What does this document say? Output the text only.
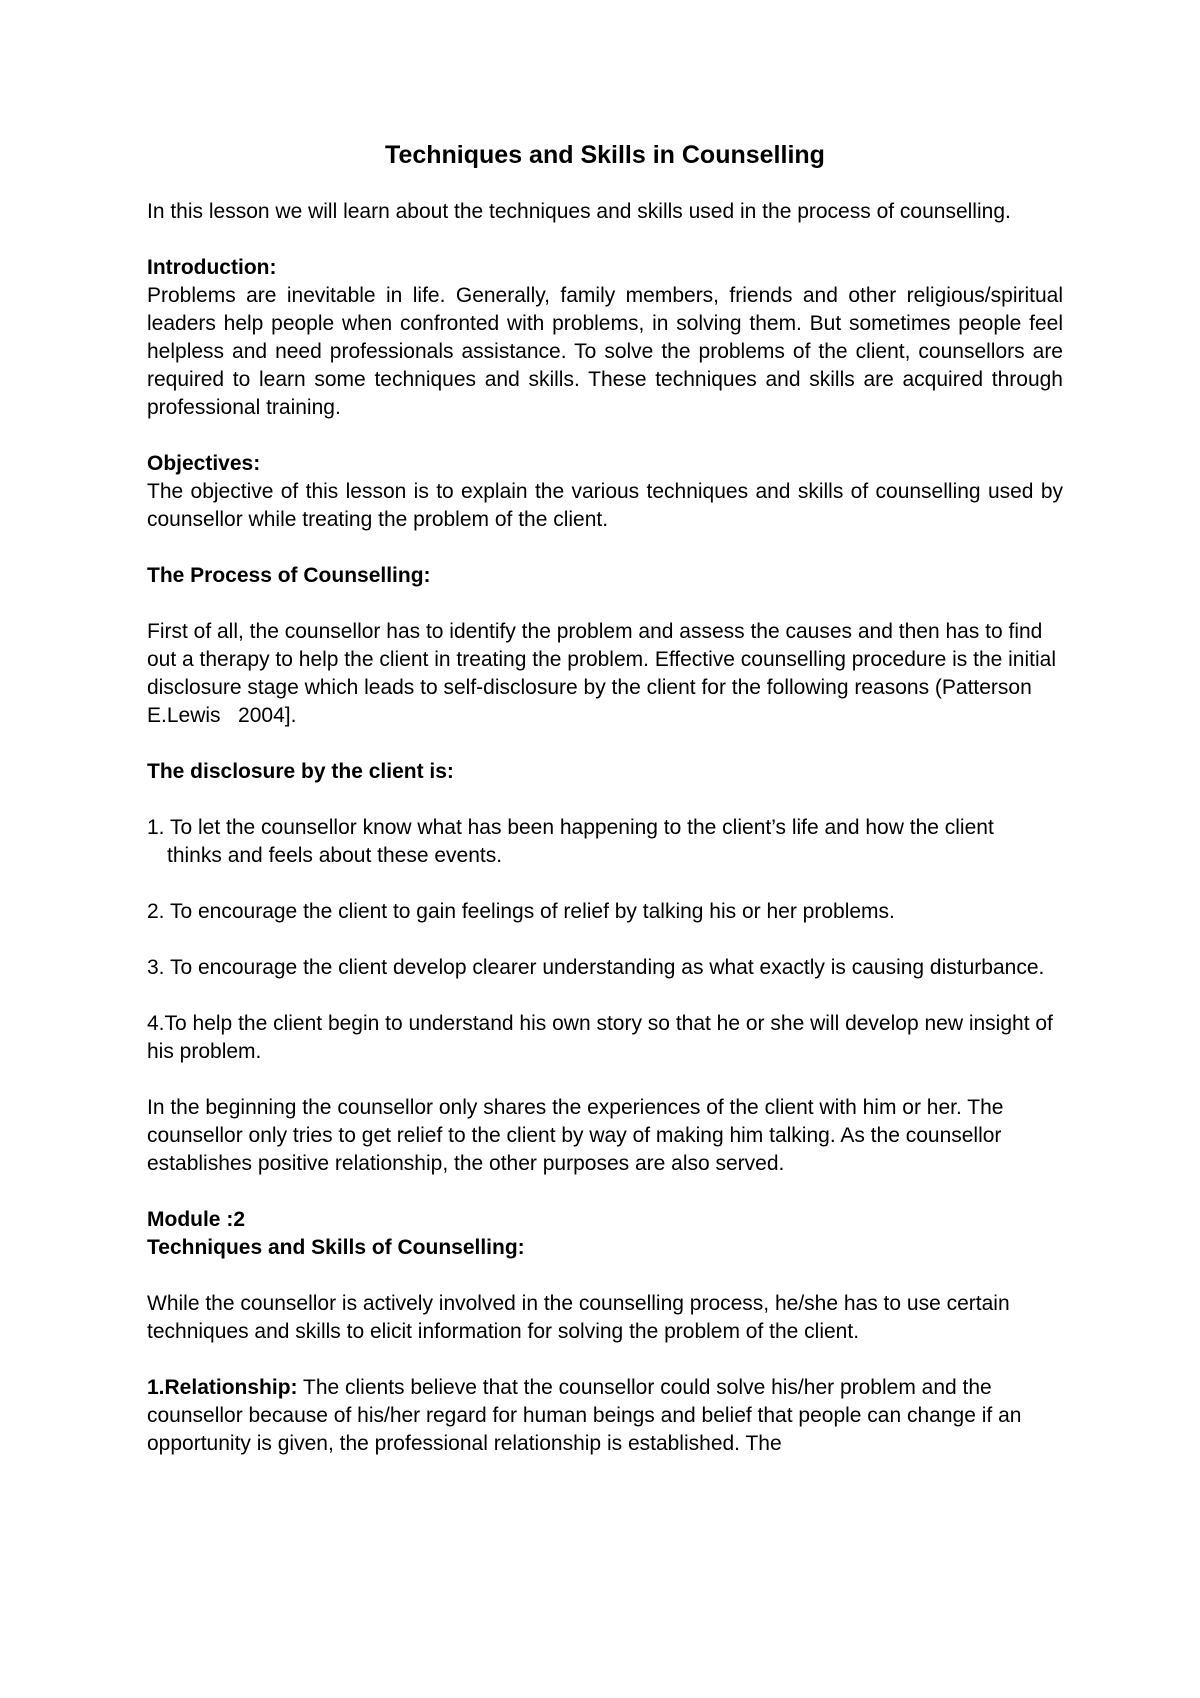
Techniques and Skills in Counselling

In this lesson we will learn about the techniques and skills used in the process of counselling.

Introduction:

Problems are inevitable in life. Generally, family members, friends and other religious/spiritual leaders help people when confronted with problems, in solving them. But sometimes people feel helpless and need professionals assistance. To solve the problems of the client, counsellors are required to learn some techniques and skills. These techniques and skills are acquired through professional training.

Objectives:

The objective of this lesson is to explain the various techniques and skills of counselling used by counsellor while treating the problem of the client.

The Process of Counselling:

First of all, the counsellor has to identify the problem and assess the causes and then has to find out a therapy to help the client in treating the problem. Effective counselling procedure is the initial disclosure stage which leads to self-disclosure by the client for the following reasons (Patterson E.Lewis   2004].

The disclosure by the client is:

1. To let the counsellor know what has been happening to the client’s life and how the client
thinks and feels about these events.

2. To encourage the client to gain feelings of relief by talking his or her problems.

3. To encourage the client develop clearer understanding as what exactly is causing disturbance.

4.To help the client begin to understand his own story so that he or she will develop new insight of his problem.

In the beginning the counsellor only shares the experiences of the client with him or her. The counsellor only tries to get relief to the client by way of making him talking. As the counsellor establishes positive relationship, the other purposes are also served.

Module :2
Techniques and Skills of Counselling:

While the counsellor is actively involved in the counselling process, he/she has to use certain techniques and skills to elicit information for solving the problem of the client.

1.Relationship: The clients believe that the counsellor could solve his/her problem and the counsellor because of his/her regard for human beings and belief that people can change if an opportunity is given, the professional relationship is established. The
